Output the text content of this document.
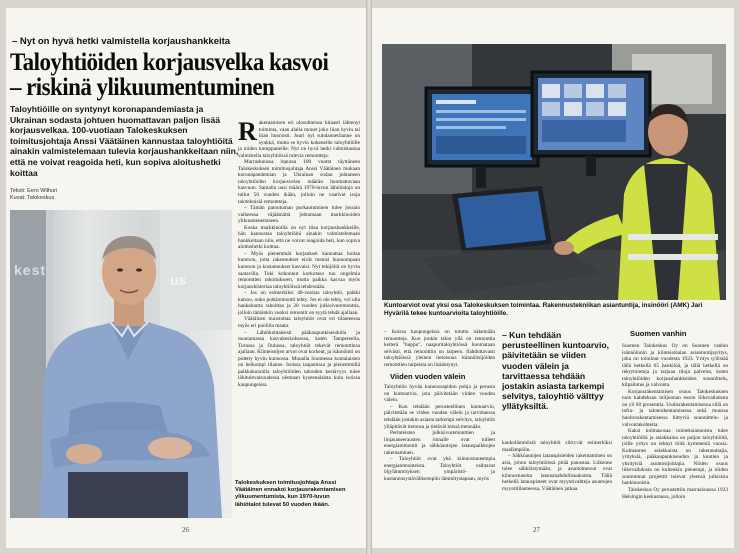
– Nyt on hyvä hetki valmistella korjaushankkeita
Taloyhtiöiden korjausvelka kasvoi
– riskinä ylikuumentuminen
Taloyhtiöille on syntynyt koronapandemiasta ja Ukrainan sodasta johtuen huomattavan paljon lisää korjausvelkaa. 100-vuotiaan Talokeskuksen toimitusjohtaja Anssi Väätäinen kannustaa taloyhtiöitä ainakin valmistelemaan tulevia korjaushankkeitaan niin, että ne voivat reagoida heti, kun sopiva aloitushetki koittaa
Teksti: Eero Wilhuri
Kuvat: Talokeskus
kest
us

Rakentamisen eri olosuhteissa hitaasti lähtenyt toiminta, vaan alalla monet joko liian hyvin tai liian huonosti. Juuri nyt suhdannetilanne on synkkä, mutta se hyvin kokeneille taloyhtiöille ja niiden kumppaneille. Nyt on hyvä hetki valmistautua valmistella taloyhtiössä tulevia remontteja.

Marraskuussa lopussa 100 vuotta täyttäneen Talokeskuksen toimitusjohtaja Anssi Väätäinen mukaan koronapandemian ja Ukrainan sodan johtaneen taloyhtiöiden korjausvelan määrän huomattavaan kasvuun. Samalla uusi määrä 1970-luvun lähiötaloja on tullut 50 vuoden ikään, jolloin ne vaativat isoja taloteknisiä remontteja.

– Tämän patoutuman purkautuminen tulee jossain vaiheessa väjäämättä johtamaan markkinoiden ylikuumenemiseen.

Koska markkinoilla on nyt tilaa korjaushankkeille, hän kannustaa taloyhtiöitä ainakin valmistelemaan hankkeitaan niin, että ne voivat reagoida heti, kun sopiva aloitushetki koittaa.

– Myös pienemmät korjaukset kannattaa hoitaa kuntoon, jotta rakennukset eivät menisi huonompaan kuntoon ja kustannukset kasvaisi. Nyt tekijöitä on hyvin saatavilla. Toki kohonnut korkotaso tuo ongelmia remonttien rahoitukseen, mutta paikka kasvaa myös korjaushistoriaa taloyhtiöissä tehdessään.

– Jos on esimerkiksi 40-vuotias taloyhtiö, paikki katsoo, onko putkiremontti tehty. Jos ei ole tehty, voi olla hankaluutta rahoittaa ja 20 vuoden julkisivuremonttia, jolloin tämänkin vuoksi remontit on syytä tehdä ajallaan.

Väätäinen muistuttaa taloyhtiöt ovat eri tilanteessa myös eri puolilla maata.

– Lähtökohtaisesti pääkaupunkiseudulla ja muutamassa kasvukeskuksessa, kuten Tampereella, Turussa ja Oulussa, taloyhtiöt tekevät remonttinsa ajallaan. Kiinteistöjen arvot ovat korkeat, ja isännöinti on pidetty hyvin kunnossa. Muualla Suomessa kuntalaisten on heikompi tilanne. Isoissa taajamissa ja pienemmillä paikkakunnilla taloyhtiöiden talouden kestävyys tulee lähitulevaisuudessa olemaan kyseenalaista kuin isoissa kaupungeissa.

Talokeskuksen toimitusjohtaja Anssi Väätäinen ennakoi korjausrakentamisen ylikuumentumista, kun 1970-luvun lähiötalot tulevat 50 vuoden ikään.
26
Kuntoarviot ovat yksi osa Talokeskuksen toimintaa. Rakennustekniikan asiantuntija, insinööri (AMK) Jari Hyvärilä tekee kuntoarvioita taloyhtiöille.

– Isoissa kaupungeissa on totuttu näkemään remontteja. Kun jonkin talon yllä on remonttia ketterä "huppu", naapuritaloyhtiössä huomataan selvästi, että remonttiin on tarpeen. Ilahduttavasti taloyhtiöissä yleinen tietoisuus isännöitsijöiden remonttien tarpeista on lisääntynyt.

Viiden vuoden välein

Taloyhtiön hyvän kunnossapidon pohja ja perusta on kuntoarvio, jota päivitetään viiden vuoden välein.

– Kun tehdään perusteellinen kuntoarvio, päivitetään se viiden vuoden välein ja tarvittaessa tehdään jostakin asiasta tarkempi selvitys, taloyhtiöt ylläpitävät tietonsa ja tietävät missä mennään.

Perinteisten julkisivuremonttien ja linjasaneerausten rinnalle ovat tulleet energiaremontit ja sähköautojen latauspaikkojen rakentaminen.

– Taloyhtiöt ovat yhä kiinnostuneempia energiaremonteista. Taloyhtiöt vaihtavat öljylämmityksen ympäristö- ja kustannusystävällisempiin lämmitystapaan, myös

– Kun tehdään perusteellinen kuntoarvio, päivitetään se viiden vuoden välein ja tarvittaessa tehdään jostakin asiasta tarkempi selvitys, taloyhtiö välttyy yllätyksiltä.

kaukolämmöstä taloyhtiöt siirtyvät esimerkiksi maalämpöön.

– Sähköautojen latauspisteiden rakentaminen on asia, johon taloyhtiöissä pitää panostaa. Liikenne tulee sähköistymään, ja asuntomessut ovat kiinnostuneita latausmahdollisuuksista. Tällä hetkellä latauspisteet ovat myyntivaltteja asuntojen myyntitilanteessa, Väätäinen jatkaa.

Suomen vanhin

Suomen Talokeskus Oy on Suomen vanhin isännöinnin ja kiinteistöalan asiantuntijayritys, joka on toiminut vuodesta 1923. Yritys tyllistää tällä hetkellä 65 henkilöä, ja tällä hetkellä on rekrytointeja ja tarjoaa tiloja palvelut, kuten taloyhtiöiden korjaushankkeiden suunnittelu, kilpailutus ja valvonta.

Korjausrakentamisen osuus Talokeskuksen noin kahdeksan miljoonan euron liikevaihdosta on yli 60 prosenttia. Uudisrakentamisessa sillä on infra- ja talonrakentamisessa sekä muussa huoltorakentamisessa liittyviä suunnittelu- ja valvontakohteita.

Kaksi kolmasosaa toimeksiannoista tulee taloyhtiöiltä ja asiakkaina on paljon taloyhtiöitä, joille yritys on tehnyt töitä kymmeniä vuosia. Kolmannes asiakkaista on rakennuttajia, yrityksiä, pääkaupunkiseudun ja kuntien ja yksityisiä asuntosijoittajia. Niiden osuus liikevaihdosta on kuitenkin pienempi, ja niiden suuremmat projektit tulevat yleensä julkisista hankinnoista.

Talokeskus Oy perustettiin marraskuussa 1923 Helsingin keskustassa, jolloin

27
